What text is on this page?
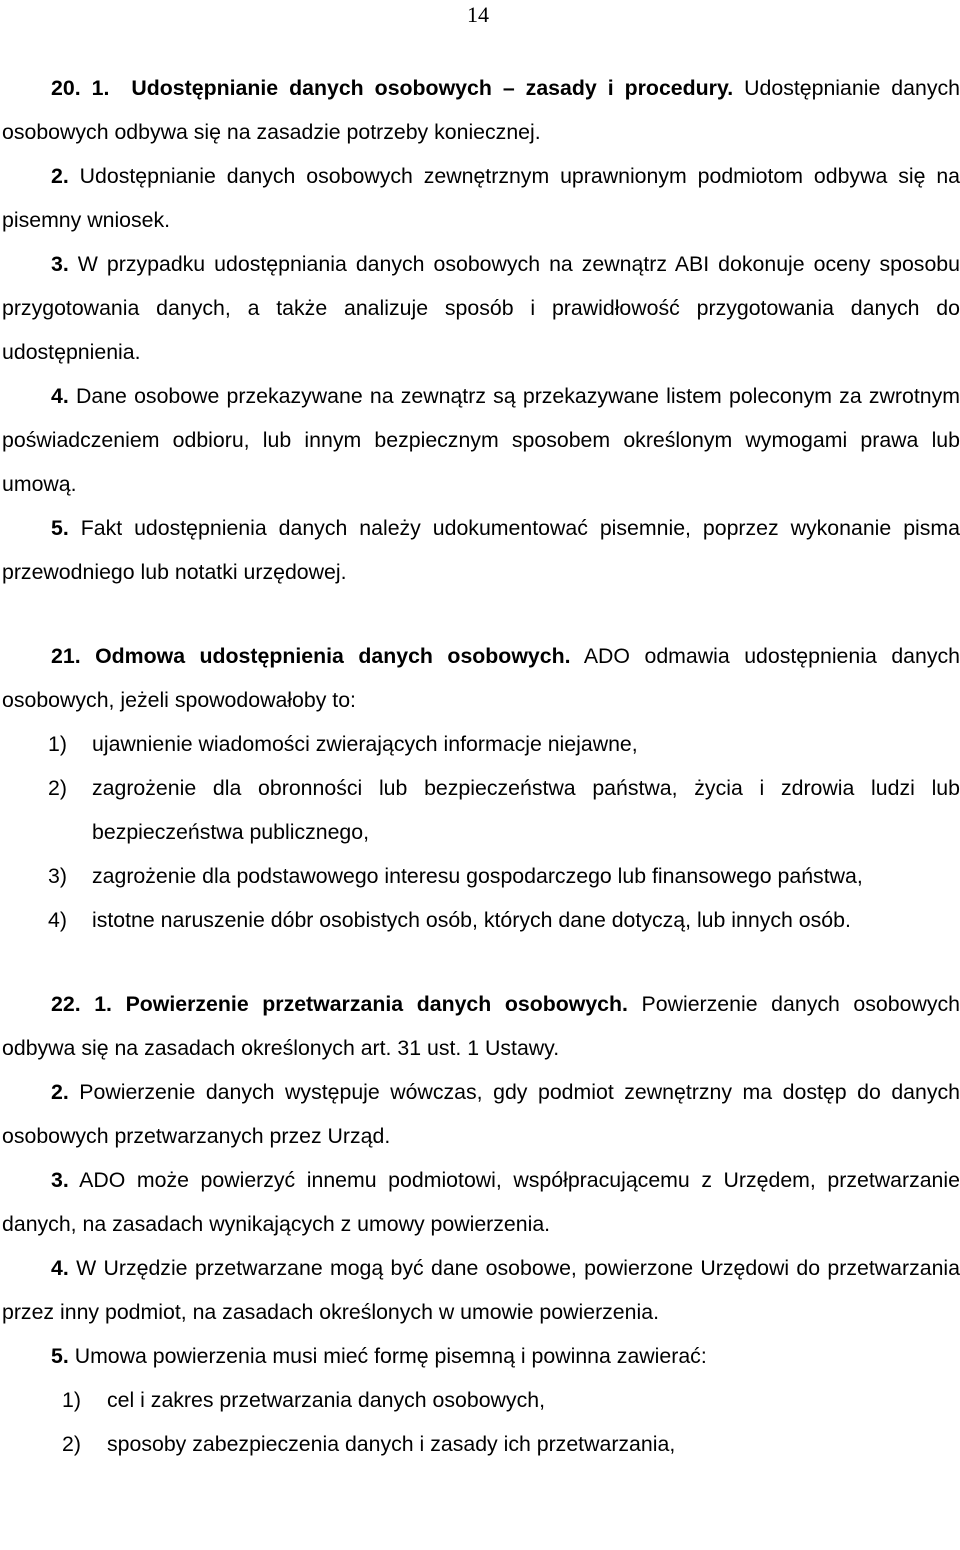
14

20. 1. Udostępnianie danych osobowych – zasady i procedury. Udostępnianie danych osobowych odbywa się na zasadzie potrzeby koniecznej.

2. Udostępnianie danych osobowych zewnętrznym uprawnionym podmiotom odbywa się na pisemny wniosek.

3. W przypadku udostępniania danych osobowych na zewnątrz ABI dokonuje oceny sposobu przygotowania danych, a także analizuje sposób i prawidłowość przygotowania danych do udostępnienia.

4. Dane osobowe przekazywane na zewnątrz są przekazywane listem poleconym za zwrotnym poświadczeniem odbioru, lub innym bezpiecznym sposobem określonym wymogami prawa lub umową.

5. Fakt udostępnienia danych należy udokumentować pisemnie, poprzez wykonanie pisma przewodniego lub notatki urzędowej.

21. Odmowa udostępnienia danych osobowych. ADO odmawia udostępnienia danych osobowych, jeżeli spowodowałoby to:

1) ujawnienie wiadomości zwierających informacje niejawne,
2) zagrożenie dla obronności lub bezpieczeństwa państwa, życia i zdrowia ludzi lub bezpieczeństwa publicznego,
3) zagrożenie dla podstawowego interesu gospodarczego lub finansowego państwa,
4) istotne naruszenie dóbr osobistych osób, których dane dotyczą, lub innych osób.

22. 1. Powierzenie przetwarzania danych osobowych. Powierzenie danych osobowych odbywa się na zasadach określonych art. 31 ust. 1 Ustawy.

2. Powierzenie danych występuje wówczas, gdy podmiot zewnętrzny ma dostęp do danych osobowych przetwarzanych przez Urząd.

3. ADO może powierzyć innemu podmiotowi, współpracującemu z Urzędem, przetwarzanie danych, na zasadach wynikających z umowy powierzenia.

4. W Urzędzie przetwarzane mogą być dane osobowe, powierzone Urzędowi do przetwarzania przez inny podmiot, na zasadach określonych w umowie powierzenia.

5. Umowa powierzenia musi mieć formę pisemną i powinna zawierać:

1) cel i zakres przetwarzania danych osobowych,
2) sposoby zabezpieczenia danych i zasady ich przetwarzania,
